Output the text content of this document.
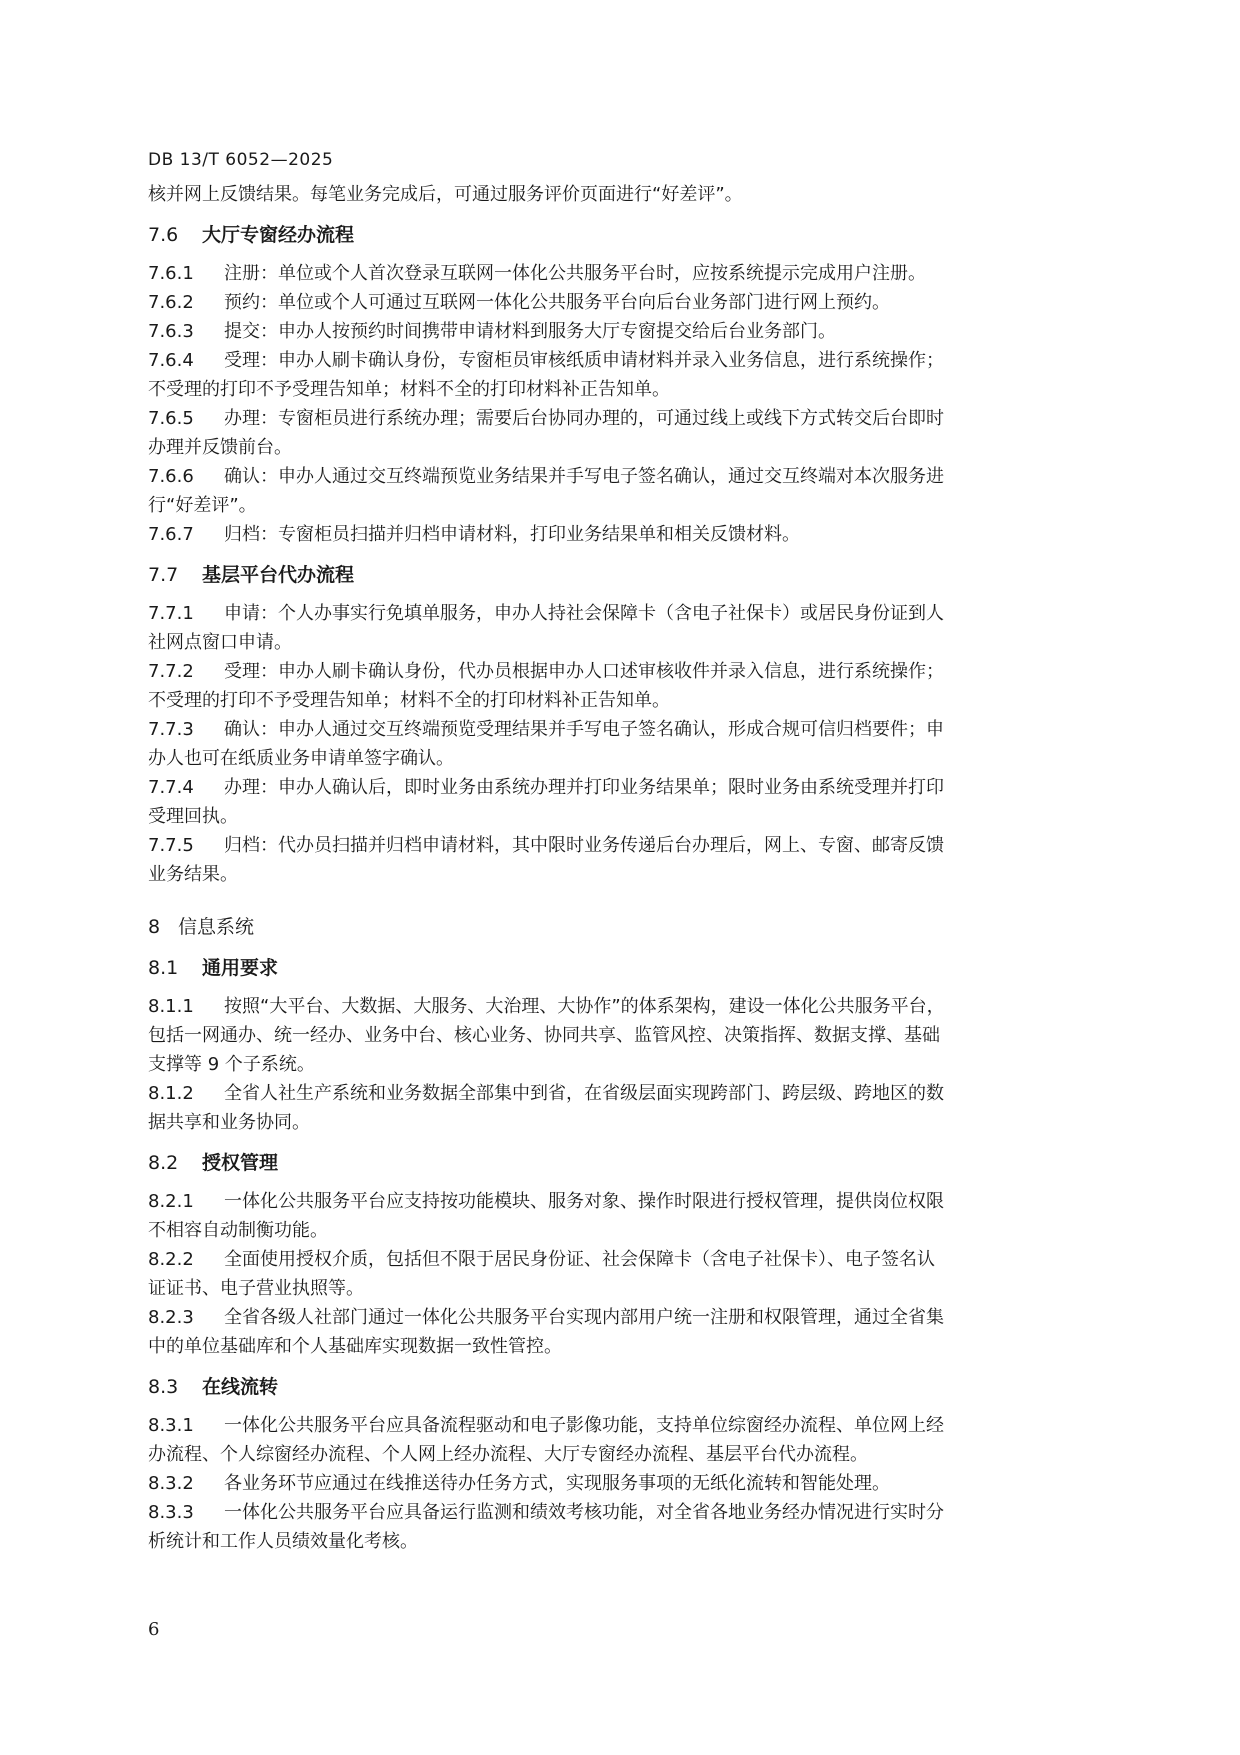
DB 13/T 6052—2025

核并网上反馈结果。每笔业务完成后，可通过服务评价页面进行“好差评”。

7.6 大厅专窗经办流程

7.6.1 注册：单位或个人首次登录互联网一体化公共服务平台时，应按系统提示完成用户注册。

7.6.2 预约：单位或个人可通过互联网一体化公共服务平台向后台业务部门进行网上预约。

7.6.3 提交：申办人按预约时间携带申请材料到服务大厅专窗提交给后台业务部门。

7.6.4 受理：申办人刷卡确认身份，专窗柜员审核纸质申请材料并录入业务信息，进行系统操作；

不受理的打印不予受理告知单；材料不全的打印材料补正告知单。

7.6.5 办理：专窗柜员进行系统办理；需要后台协同办理的，可通过线上或线下方式转交后台即时

办理并反馈前台。

7.6.6 确认：申办人通过交互终端预览业务结果并手写电子签名确认，通过交互终端对本次服务进

行“好差评”。

7.6.7 归档：专窗柜员扫描并归档申请材料，打印业务结果单和相关反馈材料。

7.7 基层平台代办流程

7.7.1 申请：个人办事实行免填单服务，申办人持社会保障卡（含电子社保卡）或居民身份证到人

社网点窗口申请。

7.7.2 受理：申办人刷卡确认身份，代办员根据申办人口述审核收件并录入信息，进行系统操作；

不受理的打印不予受理告知单；材料不全的打印材料补正告知单。

7.7.3 确认：申办人通过交互终端预览受理结果并手写电子签名确认，形成合规可信归档要件；申

办人也可在纸质业务申请单签字确认。

7.7.4 办理：申办人确认后，即时业务由系统办理并打印业务结果单；限时业务由系统受理并打印

受理回执。

7.7.5 归档：代办员扫描并归档申请材料，其中限时业务传递后台办理后，网上、专窗、邮寄反馈

业务结果。

8 信息系统
8.1 通用要求

8.1.1 按照“大平台、大数据、大服务、大治理、大协作”的体系架构，建设一体化公共服务平台，

包括一网通办、统一经办、业务中台、核心业务、协同共享、监管风控、决策指挥、数据支撑、基础

支撑等 9 个子系统。

8.1.2 全省人社生产系统和业务数据全部集中到省，在省级层面实现跨部门、跨层级、跨地区的数

据共享和业务协同。

8.2 授权管理

8.2.1 一体化公共服务平台应支持按功能模块、服务对象、操作时限进行授权管理，提供岗位权限

不相容自动制衡功能。

8.2.2 全面使用授权介质，包括但不限于居民身份证、社会保障卡（含电子社保卡）、电子签名认

证证书、电子营业执照等。

8.2.3 全省各级人社部门通过一体化公共服务平台实现内部用户统一注册和权限管理，通过全省集

中的单位基础库和个人基础库实现数据一致性管控。

8.3 在线流转

8.3.1 一体化公共服务平台应具备流程驱动和电子影像功能，支持单位综窗经办流程、单位网上经

办流程、个人综窗经办流程、个人网上经办流程、大厅专窗经办流程、基层平台代办流程。

8.3.2 各业务环节应通过在线推送待办任务方式，实现服务事项的无纸化流转和智能处理。

8.3.3 一体化公共服务平台应具备运行监测和绩效考核功能，对全省各地业务经办情况进行实时分

析统计和工作人员绩效量化考核。

6
